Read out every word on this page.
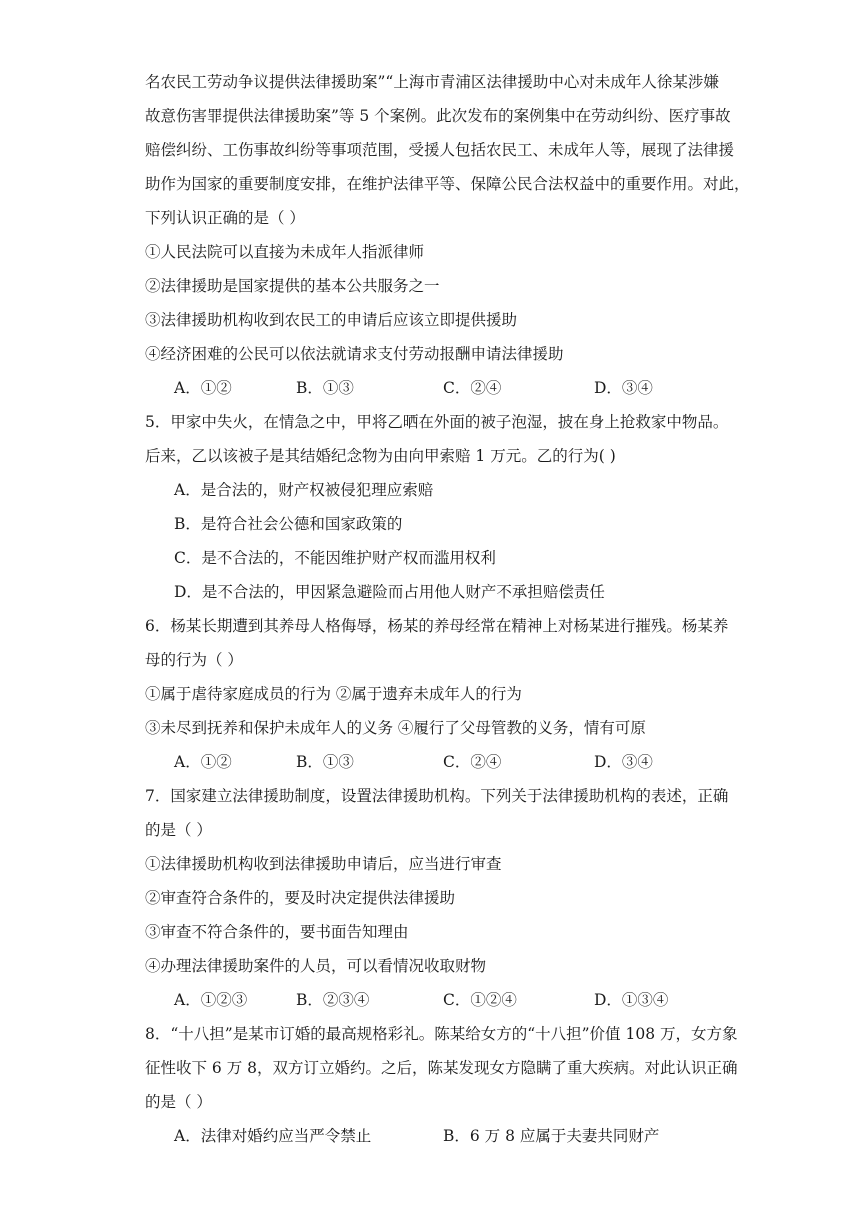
名农民工劳动争议提供法律援助案”“上海市青浦区法律援助中心对未成年人徐某涉嫌
故意伤害罪提供法律援助案”等 5 个案例。此次发布的案例集中在劳动纠纷、医疗事故
赔偿纠纷、工伤事故纠纷等事项范围，受援人包括农民工、未成年人等，展现了法律援
助作为国家的重要制度安排，在维护法律平等、保障公民合法权益中的重要作用。对此，
下列认识正确的是（ ）
①人民法院可以直接为未成年人指派律师
②法律援助是国家提供的基本公共服务之一
③法律援助机构收到农民工的申请后应该立即提供援助
④经济困难的公民可以依法就请求支付劳动报酬申请法律援助
A．①②	B．①③	C．②④	D．③④
5．甲家中失火，在情急之中，甲将乙晒在外面的被子泡湿，披在身上抢救家中物品。
后来，乙以该被子是其结婚纪念物为由向甲索赔 1 万元。乙的行为( )
A．是合法的，财产权被侵犯理应索赔
B．是符合社会公德和国家政策的
C．是不合法的，不能因维护财产权而滥用权利
D．是不合法的，甲因紧急避险而占用他人财产不承担赔偿责任
6．杨某长期遭到其养母人格侮辱，杨某的养母经常在精神上对杨某进行摧残。杨某养
母的行为（ ）
①属于虐待家庭成员的行为 ②属于遗弃未成年人的行为
③未尽到抚养和保护未成年人的义务 ④履行了父母管教的义务，情有可原
A．①②	B．①③	C．②④	D．③④
7．国家建立法律援助制度，设置法律援助机构。下列关于法律援助机构的表述，正确
的是（ ）
①法律援助机构收到法律援助申请后，应当进行审查
②审查符合条件的，要及时决定提供法律援助
③审查不符合条件的，要书面告知理由
④办理法律援助案件的人员，可以看情况收取财物
A．①②③	B．②③④	C．①②④	D．①③④
8．“十八担”是某市订婚的最高规格彩礼。陈某给女方的“十八担”价值 108 万，女方象
征性收下 6 万 8，双方订立婚约。之后，陈某发现女方隐瞒了重大疾病。对此认识正确
的是（ ）
A．法律对婚约应当严令禁止	B．6 万 8 应属于夫妻共同财产
